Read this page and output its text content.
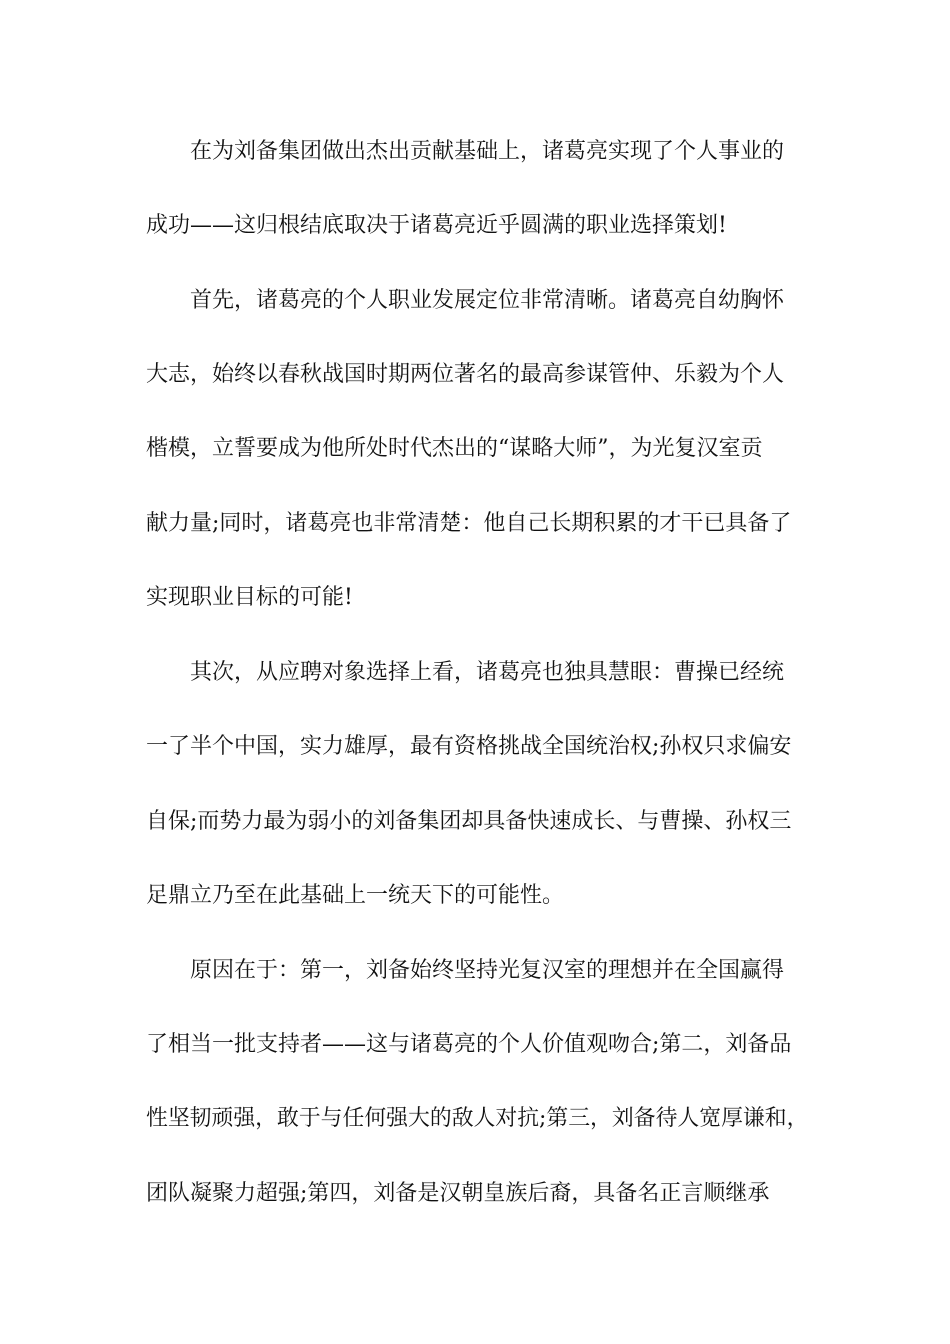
在为刘备集团做出杰出贡献基础上，诸葛亮实现了个人事业的
成功——这归根结底取决于诸葛亮近乎圆满的职业选择策划!
首先，诸葛亮的个人职业发展定位非常清晰。诸葛亮自幼胸怀
大志，始终以春秋战国时期两位著名的最高参谋管仲、乐毅为个人
楷模，立誓要成为他所处时代杰出的“谋略大师”，为光复汉室贡
献力量;同时，诸葛亮也非常清楚：他自己长期积累的才干已具备了
实现职业目标的可能!
其次，从应聘对象选择上看，诸葛亮也独具慧眼：曹操已经统
一了半个中国，实力雄厚，最有资格挑战全国统治权;孙权只求偏安
自保;而势力最为弱小的刘备集团却具备快速成长、与曹操、孙权三
足鼎立乃至在此基础上一统天下的可能性。
原因在于：第一，刘备始终坚持光复汉室的理想并在全国赢得
了相当一批支持者——这与诸葛亮的个人价值观吻合;第二，刘备品
性坚韧顽强，敢于与任何强大的敌人对抗;第三，刘备待人宽厚谦和，
团队凝聚力超强;第四，刘备是汉朝皇族后裔，具备名正言顺继承
